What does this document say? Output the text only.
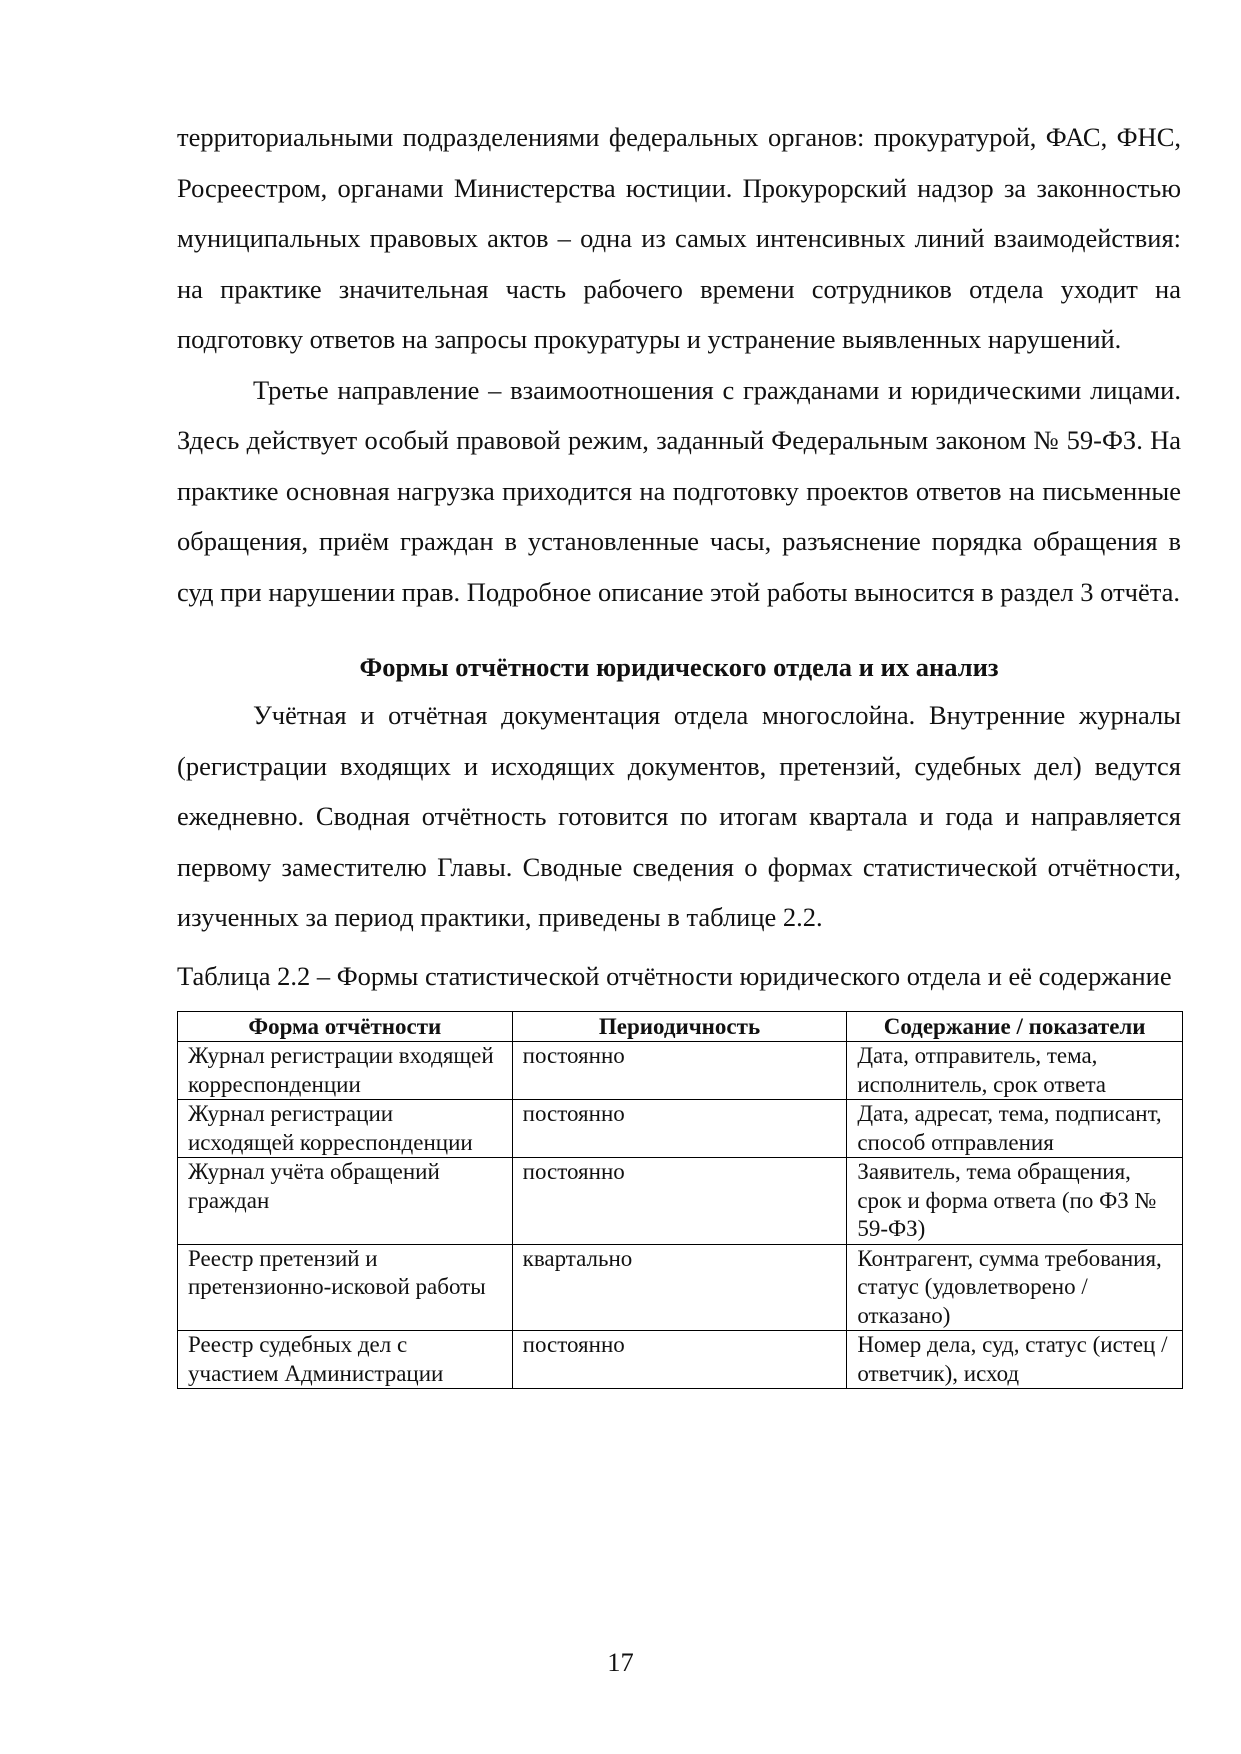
территориальными подразделениями федеральных органов: прокуратурой, ФАС, ФНС, Росреестром, органами Министерства юстиции. Прокурорский надзор за законностью муниципальных правовых актов – одна из самых интенсивных линий взаимодействия: на практике значительная часть рабочего времени сотрудников отдела уходит на подготовку ответов на запросы прокуратуры и устранение выявленных нарушений.

Третье направление – взаимоотношения с гражданами и юридическими лицами. Здесь действует особый правовой режим, заданный Федеральным законом № 59-ФЗ. На практике основная нагрузка приходится на подготовку проектов ответов на письменные обращения, приём граждан в установленные часы, разъяснение порядка обращения в суд при нарушении прав. Подробное описание этой работы выносится в раздел 3 отчёта.

Формы отчётности юридического отдела и их анализ

Учётная и отчётная документация отдела многослойна. Внутренние журналы (регистрации входящих и исходящих документов, претензий, судебных дел) ведутся ежедневно. Сводная отчётность готовится по итогам квартала и года и направляется первому заместителю Главы. Сводные сведения о формах статистической отчётности, изученных за период практики, приведены в таблице 2.2.

Таблица 2.2 – Формы статистической отчётности юридического отдела и её содержание

Форма отчётности	Периодичность	Содержание / показатели
Журнал регистрации входящей корреспонденции	постоянно	Дата, отправитель, тема, исполнитель, срок ответа
Журнал регистрации исходящей корреспонденции	постоянно	Дата, адресат, тема, подписант, способ отправления
Журнал учёта обращений граждан	постоянно	Заявитель, тема обращения, срок и форма ответа (по ФЗ № 59-ФЗ)
Реестр претензий и претензионно-исковой работы	квартально	Контрагент, сумма требования, статус (удовлетворено / отказано)
Реестр судебных дел с участием Администрации	постоянно	Номер дела, суд, статус (истец / ответчик), исход
17
